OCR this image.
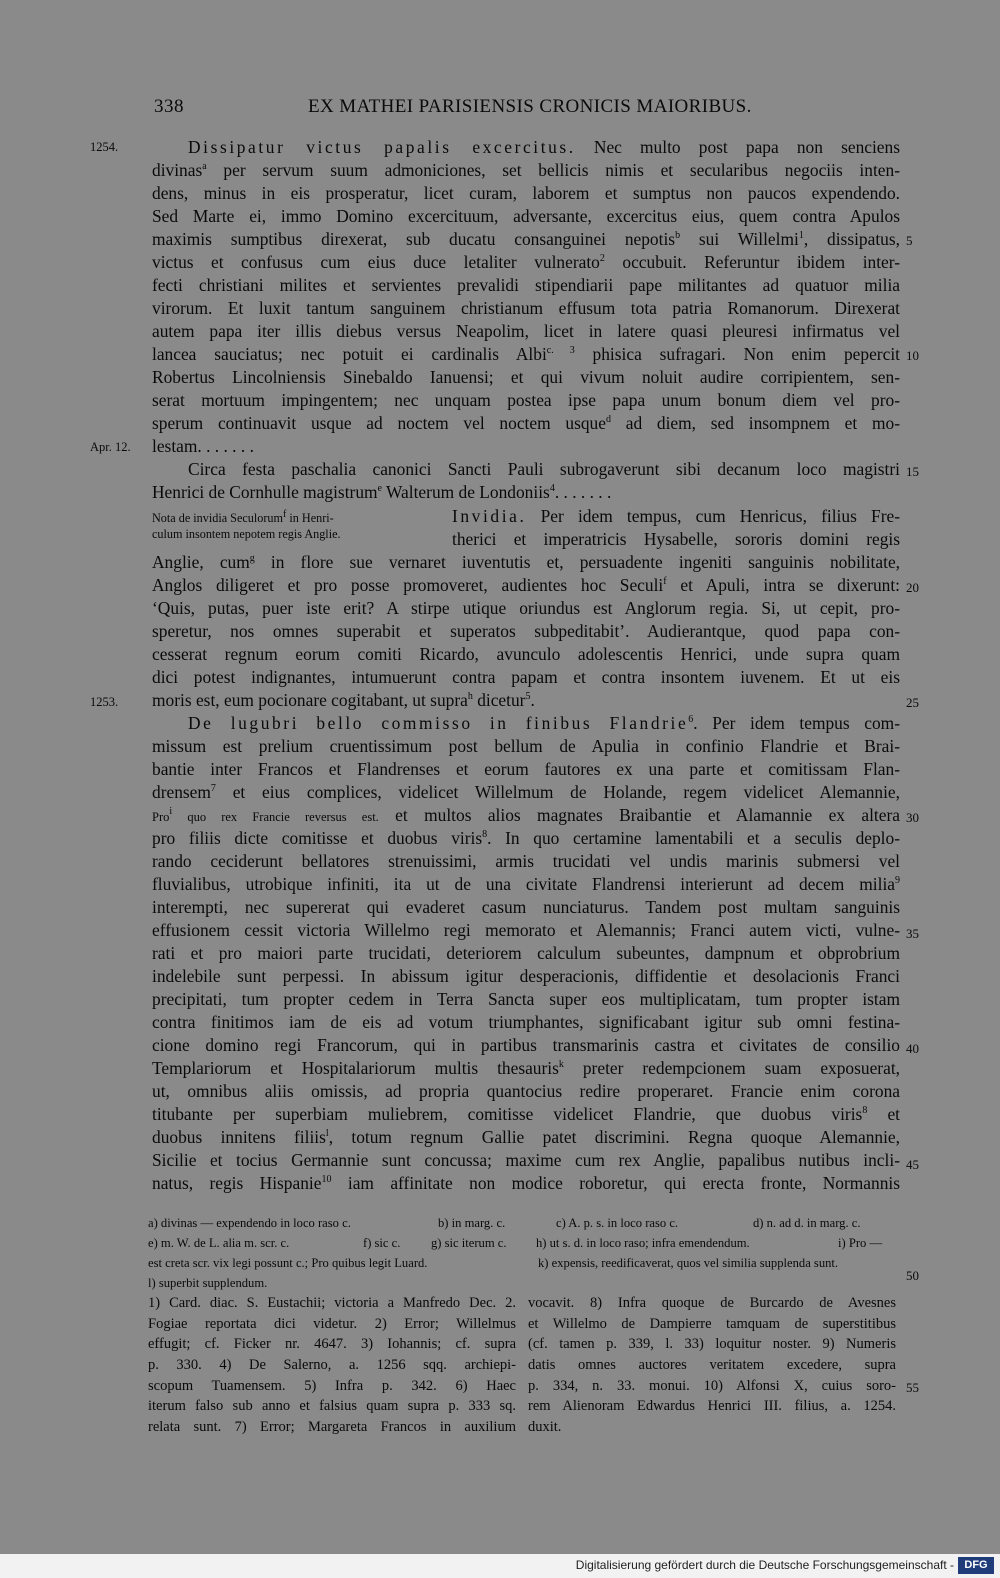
338	EX MATHEI PARISIENSIS CRONICIS MAIORIBUS.
1254.
Apr. 12.
1253.
5
10
15
20
25
30
35
40
45
50
55
Dissipatur victus papalis excercitus. Nec multo post papa non senciens
divinas$^a$ per servum suum admoniciones, set bellicis nimis et secularibus negociis inten-
dens, minus in eis prosperatur, licet curam, laborem et sumptus non paucos expendendo.
Sed Marte ei, immo Domino excercituum, adversante, excercitus eius, quem contra Apulos
maximis sumptibus direxerat, sub ducatu consanguinei nepotis$^b$ sui Willelmi$^1$, dissipatus,
victus et confusus cum eius duce letaliter vulnerato$^2$ occubuit. Referuntur ibidem inter-
fecti christiani milites et servientes prevalidi stipendiarii pape militantes ad quatuor milia
virorum. Et luxit tantum sanguinem christianum effusum tota patria Romanorum. Direxerat
autem papa iter illis diebus versus Neapolim, licet in latere quasi pleuresi infirmatus vel
lancea sauciatus; nec potuit ei cardinalis Albi$^{c. 3}$ phisica sufragari. Non enim pepercit
Robertus Lincolniensis Sinebaldo Ianuensi; et qui vivum noluit audire corripientem, sen-
serat mortuum impingentem; nec unquam postea ipse papa unum bonum diem vel pro-
sperum continuavit usque ad noctem vel noctem usque$^d$ ad diem, sed insompnem et mo-
lestam. . . . . . .
Circa festa paschalia canonici Sancti Pauli subrogaverunt sibi decanum loco magistri
Henrici de Cornhulle magistrum$^e$ Walterum de Londoniis$^4$. . . . . . .
Invidia. Per idem tempus, cum Henricus, filius Fre-
therici et imperatricis Hysabelle, sororis domini regis
Anglie, cum$^g$ in flore sue vernaret iuventutis et, persuadente ingeniti sanguinis nobilitate,
Anglos diligeret et pro posse promoveret, audientes hoc Seculi$^f$ et Apuli, intra se dixerunt:
‘Quis, putas, puer iste erit? A stirpe utique oriundus est Anglorum regia. Si, ut cepit, pro-
speretur, nos omnes superabit et superatos subpeditabit’. Audierantque, quod papa con-
cesserat regnum eorum comiti Ricardo, avunculo adolescentis Henrici, unde supra quam
dici potest indignantes, intumuerunt contra papam et contra insontem iuvenem. Et ut eis
moris est, eum pocionare cogitabant, ut supra$^h$ dicetur$^5$.
De lugubri bello commisso in finibus Flandrie$^6$. Per idem tempus com-
missum est prelium cruentissimum post bellum de Apulia in confinio Flandrie et Brai-
bantie inter Francos et Flandrenses et eorum fautores ex una parte et comitissam Flan-
drensem$^7$ et eius complices, videlicet Willelmum de Holande, regem videlicet Alemannie,
Pro$^i$ quo rex Francie reversus est. et multos alios magnates Braibantie et Alamannie ex altera
pro filiis dicte comitisse et duobus viris$^8$. In quo certamine lamentabili et a seculis deplo-
rando ceciderunt bellatores strenuissimi, armis trucidati vel undis marinis submersi vel
fluvialibus, utrobique infiniti, ita ut de una civitate Flandrensi interierunt ad decem milia$^9$
interempti, nec supererat qui evaderet casum nunciaturus. Tandem post multam sanguinis
effusionem cessit victoria Willelmo regi memorato et Alemannis; Franci autem victi, vulne-
rati et pro maiori parte trucidati, deteriorem calculum subeuntes, dampnum et obprobrium
indelebile sunt perpessi. In abissum igitur desperacionis, diffidentie et desolacionis Franci
precipitati, tum propter cedem in Terra Sancta super eos multiplicatam, tum propter istam
contra finitimos iam de eis ad votum triumphantes, significabant igitur sub omni festina-
cione domino regi Francorum, qui in partibus transmarinis castra et civitates de consilio
Templariorum et Hospitalariorum multis thesauris$^k$ preter redempcionem suam exposuerat,
ut, omnibus aliis omissis, ad propria quantocius redire properaret. Francie enim corona
titubante per superbiam muliebrem, comitisse videlicet Flandrie, que duobus viris$^8$ et
duobus innitens filiis$^l$, totum regnum Gallie patet discrimini. Regna quoque Alemannie,
Sicilie et tocius Germannie sunt concussa; maxime cum rex Anglie, papalibus nutibus incli-
natus, regis Hispanie$^{10}$ iam affinitate non modice roboretur, qui erecta fronte, Normannis
Nota de invidia Seculorum$^f$ in Henri-
culum insontem nepotem regis Anglie.
a) divinas — expendendo in loco raso c.	b) in marg. c.	c) A. p. s. in loco raso c.	d) n. ad d. in marg. c.
e) m. W. de L. alia m. scr. c.	f) sic c. g) sic iterum c. h) ut s. d. in loco raso; infra emendendum.	i) Pro —
est creta scr. vix legi possunt c.; Pro quibus legit Luard.	k) expensis, reedificaverat, quos vel similia supplenda sunt.
l) superbit supplendum.
1) Card. diac. S. Eustachii; victoria a Manfredo Dec. 2.
Fogiae reportata dici videtur. 2) Error; Willelmus
effugit; cf. Ficker nr. 4647. 3) Iohannis; cf. supra
p. 330. 4) De Salerno, a. 1256 sqq. archiepi-
scopum Tuamensem. 5) Infra p. 342. 6) Haec
iterum falso sub anno et falsius quam supra p. 333 sq.
relata sunt. 7) Error; Margareta Francos in auxilium
vocavit. 8) Infra quoque de Burcardo de Avesnes
et Willelmo de Dampierre tamquam de superstitibus
(cf. tamen p. 339, l. 33) loquitur noster. 9) Numeris
datis omnes auctores veritatem excedere, supra
p. 334, n. 33. monui. 10) Alfonsi X, cuius soro-
rem Alienoram Edwardus Henrici III. filius, a. 1254.
duxit.
Digitalisierung gefördert durch die Deutsche Forschungsgemeinschaft - DFG
